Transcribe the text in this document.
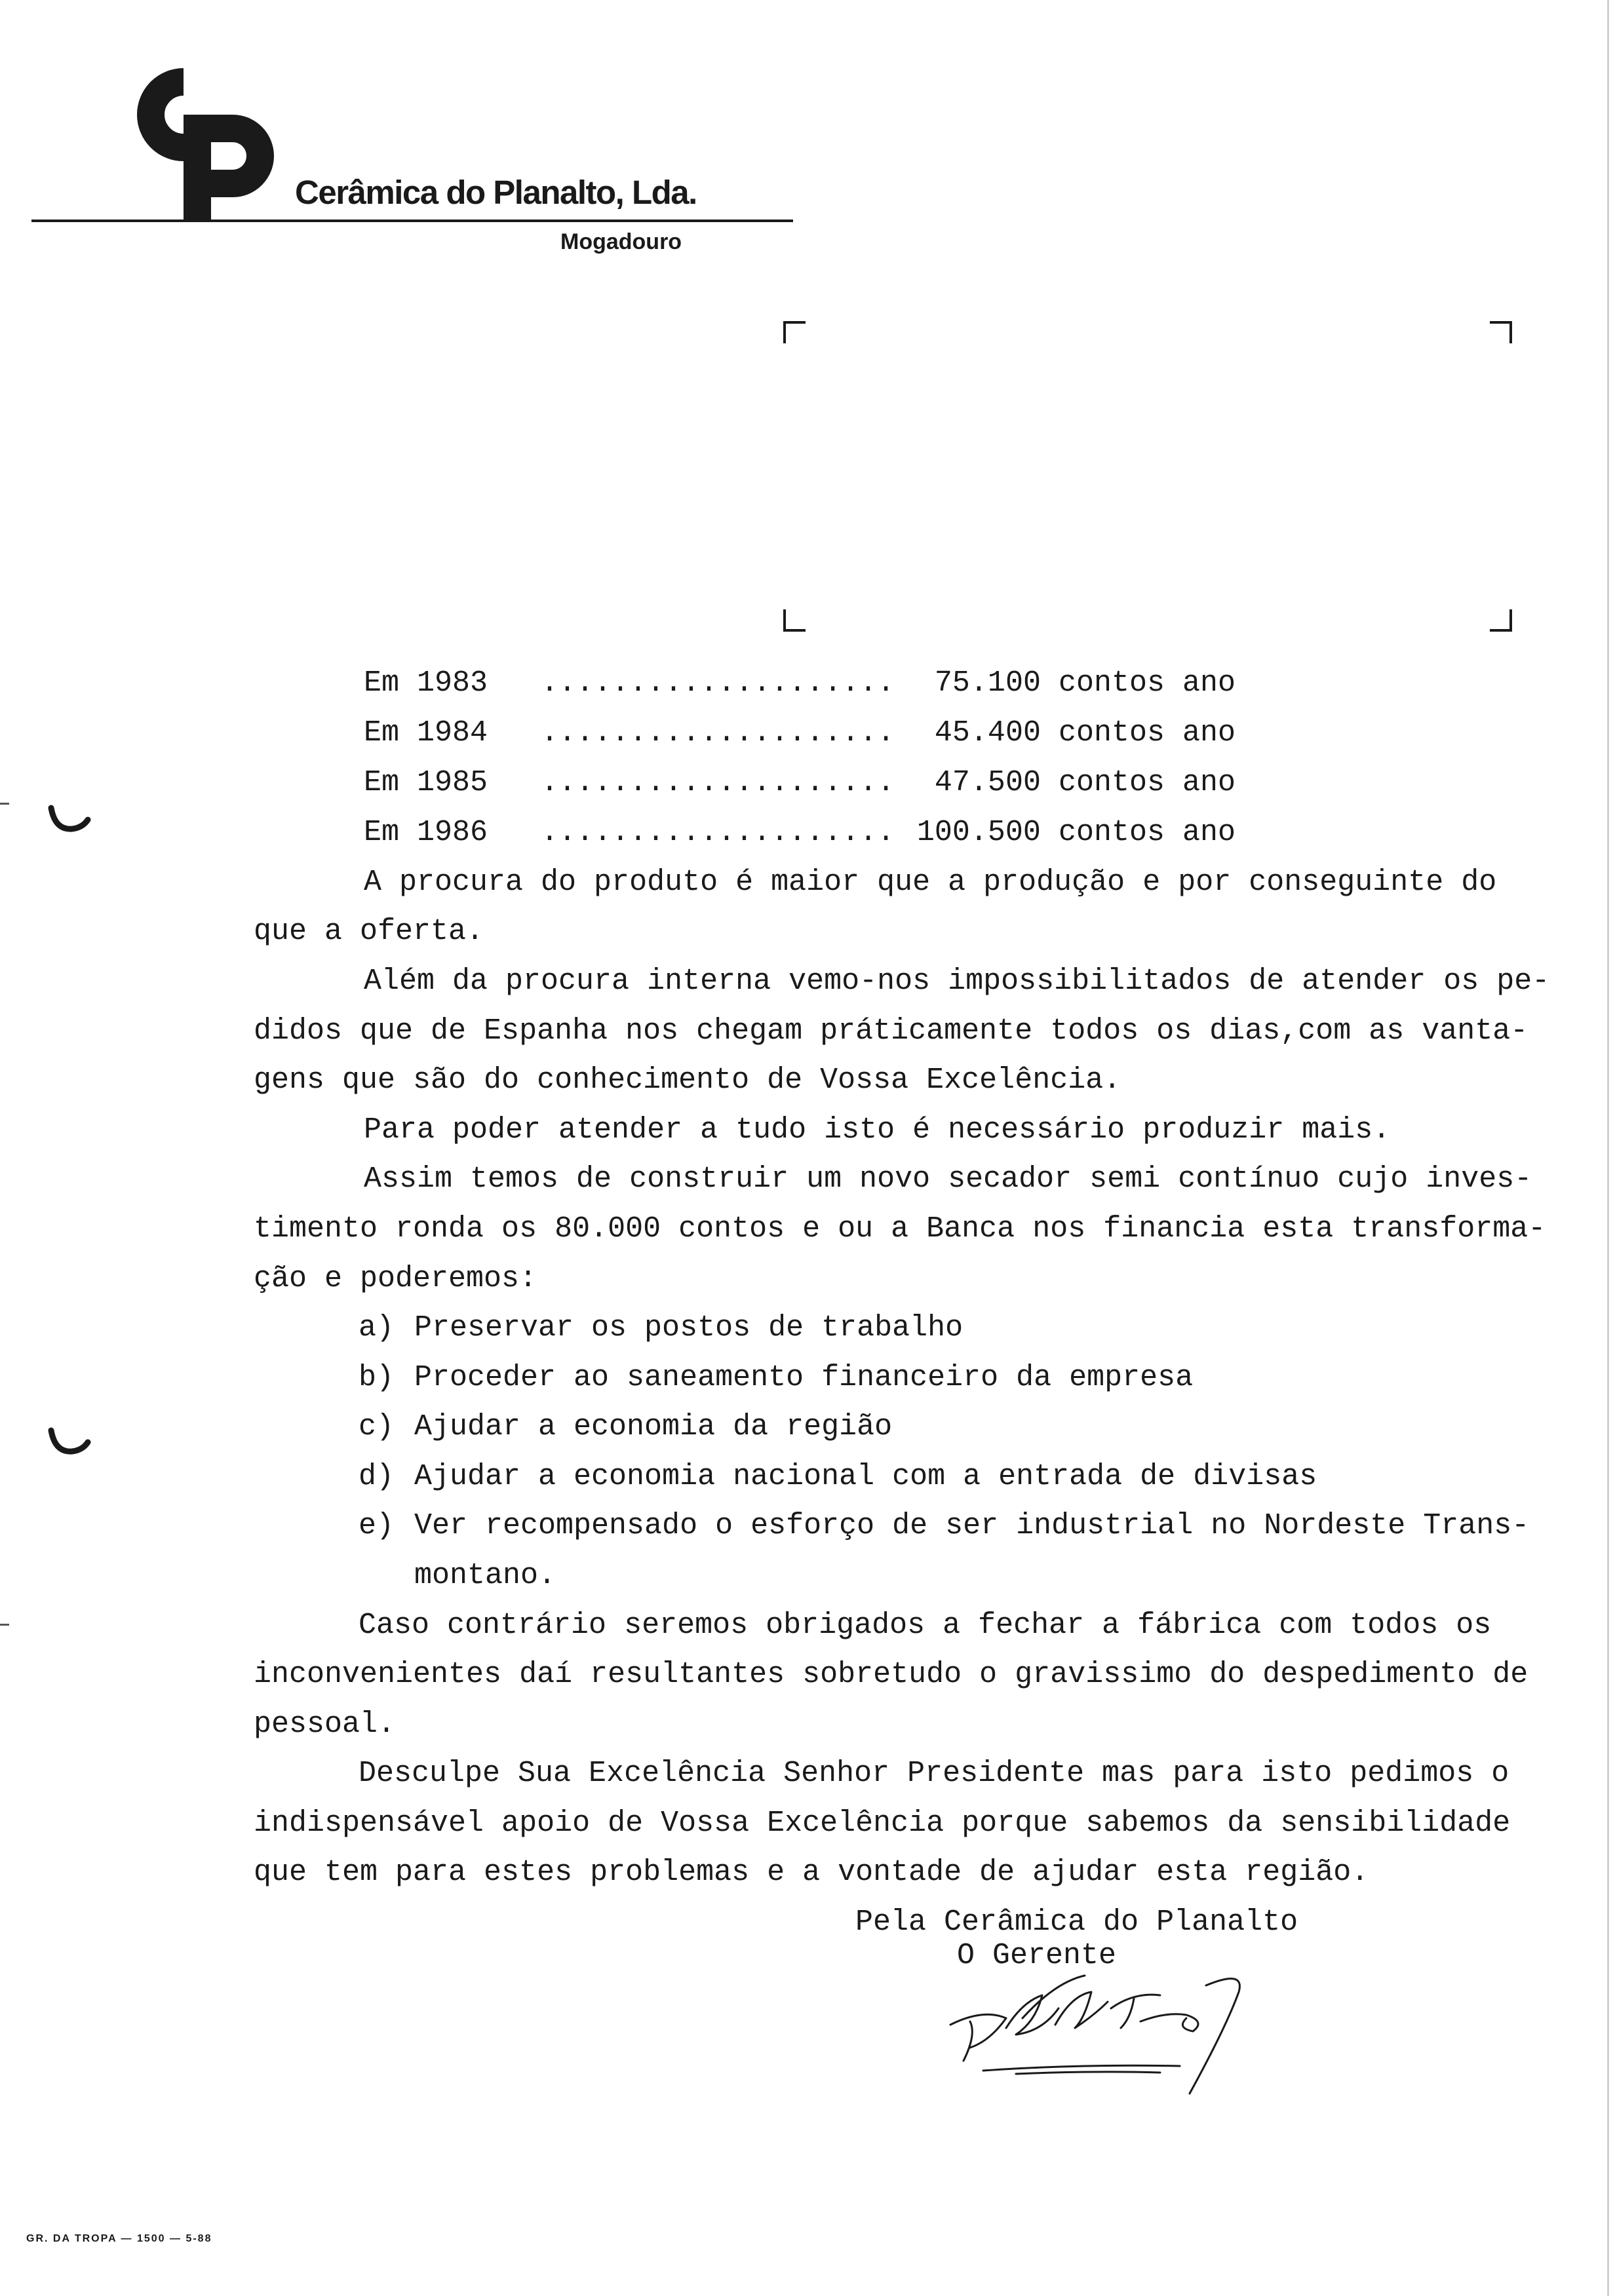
Cerâmica do Planalto, Lda.
Mogadouro

Em 1983

....................

75.100 contos ano

Em 1984

....................

45.400 contos ano

Em 1985

....................

47.500 contos ano

Em 1986

....................

100.500 contos ano

A procura do produto é maior que a produção e por conseguinte do
que a oferta.
Além da procura interna vemo-nos impossibilitados de atender os pe-
didos que de Espanha nos chegam práticamente todos os dias,com as vanta-
gens que são do conhecimento de Vossa Excelência.
Para poder atender a tudo isto é necessário produzir mais.
Assim temos de construir um novo secador semi contínuo cujo inves-
timento ronda os 80.000 contos e ou a Banca nos financia esta transforma-
ção e poderemos:
a) Preservar os postos de trabalho
b) Proceder ao saneamento financeiro da empresa
c) Ajudar a economia da região
d) Ajudar a economia nacional com a entrada de divisas
e) Ver recompensado o esforço de ser industrial no Nordeste Trans-
montano.
Caso contrário seremos obrigados a fechar a fábrica com todos os
inconvenientes daí resultantes sobretudo o gravissimo do despedimento de
pessoal.
Desculpe Sua Excelência Senhor Presidente mas para isto pedimos o
indispensável apoio de Vossa Excelência porque sabemos da sensibilidade
que tem para estes problemas e a vontade de ajudar esta região.
Pela Cerâmica do Planalto
O Gerente
GR. DA TROPA — 1500 — 5-88
